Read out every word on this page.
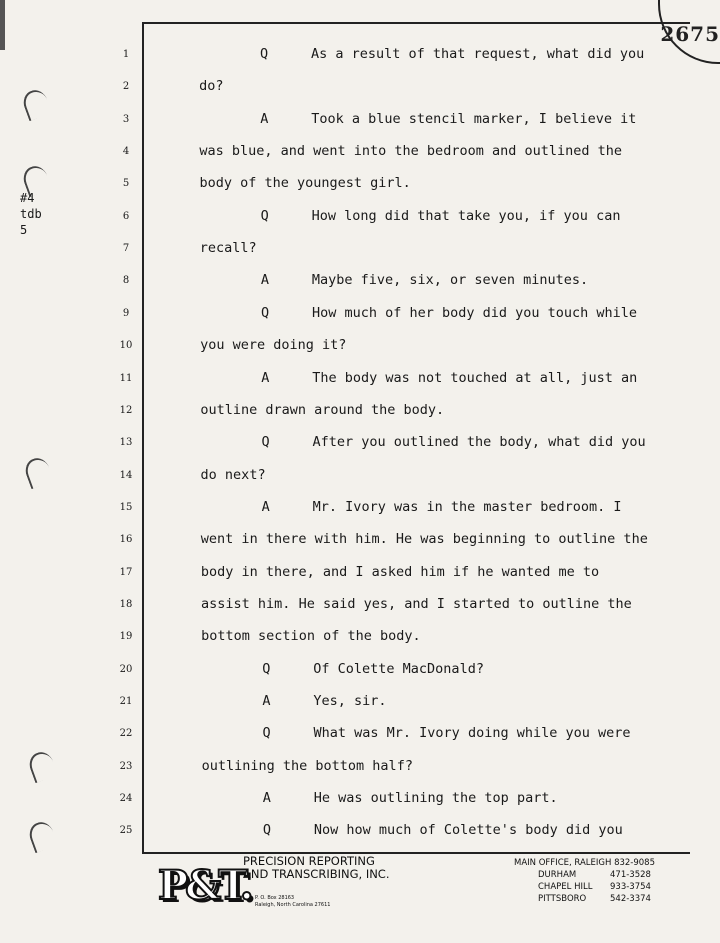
2675
#4
tdb
5
1	Q	As a result of that request, what did you
2	do?
3	A	Took a blue stencil marker, I believe it
4	was blue, and went into the bedroom and outlined the
5	body of the youngest girl.
6	Q	How long did that take you, if you can
7	recall?
8	A	Maybe five, six, or seven minutes.
9	Q	How much of her body did you touch while
10	you were doing it?
11	A	The body was not touched at all, just an
12	outline drawn around the body.
13	Q	After you outlined the body, what did you
14	do next?
15	A	Mr. Ivory was in the master bedroom. I
16	went in there with him. He was beginning to outline the
17	body in there, and I asked him if he wanted me to
18	assist him. He said yes, and I started to outline the
19	bottom section of the body.
20	Q	Of Colette MacDonald?
21	A	Yes, sir.
22	Q	What was Mr. Ivory doing while you were
23	outlining the bottom half?
24	A	He was outlining the top part.
25	Q	Now how much of Colette's body did you
P&T.
PRECISION REPORTING
AND TRANSCRIBING, INC.
P. O. Box 28163
Raleigh, North Carolina 27611
MAIN OFFICE, RALEIGH 832-9085
DURHAM	471-3528
CHAPEL HILL	933-3754
PITTSBORO	542-3374
